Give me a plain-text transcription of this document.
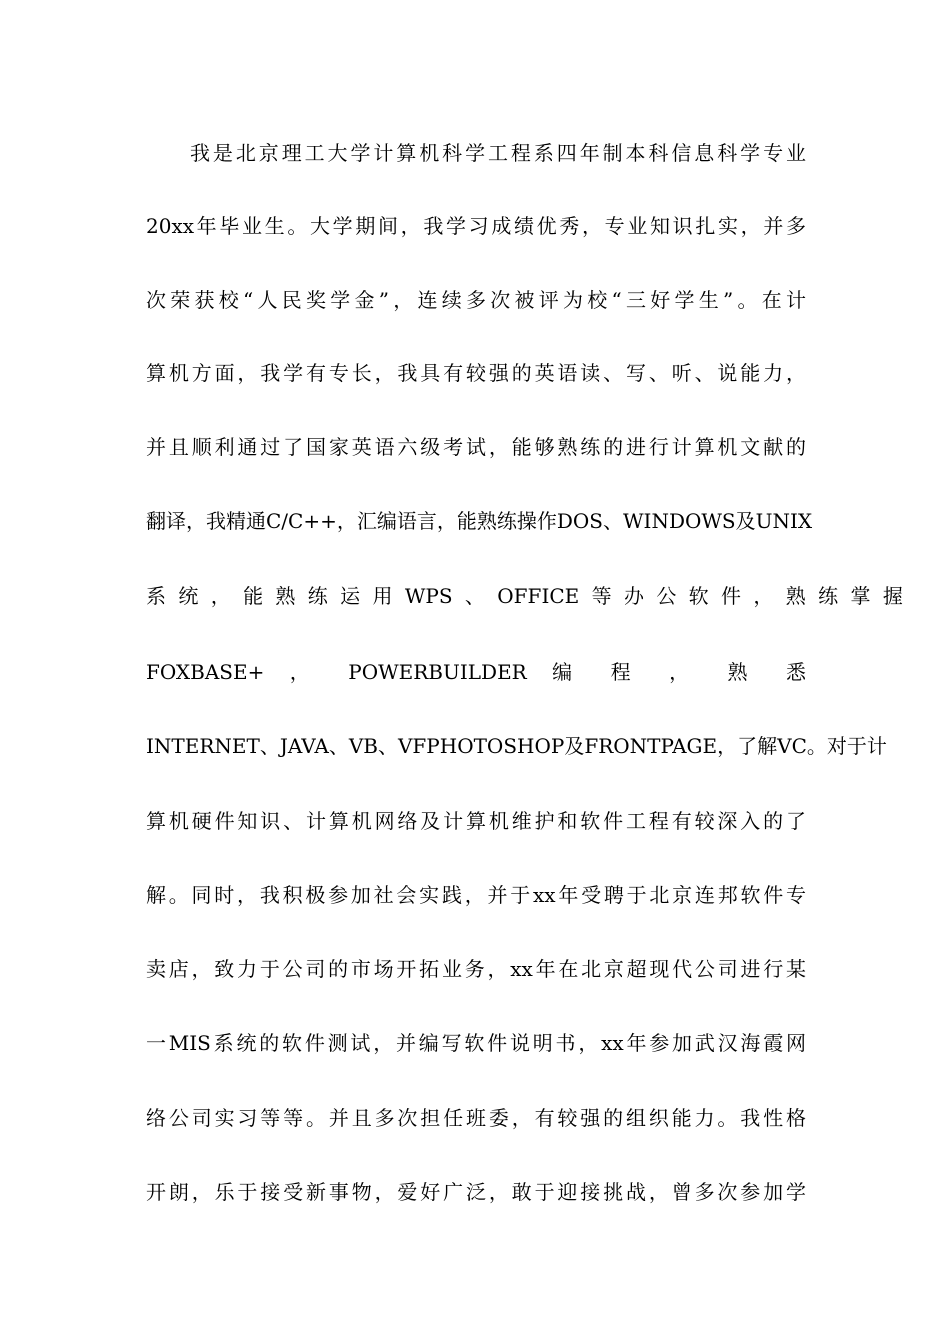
我是北京理工大学计算机科学工程系四年制本科信息科学专业
20xx年毕业生。大学期间，我学习成绩优秀，专业知识扎实，并多
次荣获校“人民奖学金”，连续多次被评为校“三好学生”。在计
算机方面，我学有专长，我具有较强的英语读、写、听、说能力，
并且顺利通过了国家英语六级考试，能够熟练的进行计算机文献的
翻译，我精通C/C++，汇编语言，能熟练操作DOS、WINDOWS及UNIX
系 统 ， 能 熟 练 运 用 WPS 、 OFFICE 等 办 公 软 件 ， 熟 练 掌 握
FOXBASE+ ， POWERBUILDER 编 程 ， 熟 悉
INTERNET、JAVA、VB、VFPHOTOSHOP及FRONTPAGE，了解VC。对于计
算机硬件知识、计算机网络及计算机维护和软件工程有较深入的了
解。同时，我积极参加社会实践，并于xx年受聘于北京连邦软件专
卖店，致力于公司的市场开拓业务，xx年在北京超现代公司进行某
一MIS系统的软件测试，并编写软件说明书，xx年参加武汉海霞网
络公司实习等等。并且多次担任班委，有较强的组织能力。我性格
开朗，乐于接受新事物，爱好广泛，敢于迎接挑战，曾多次参加学
